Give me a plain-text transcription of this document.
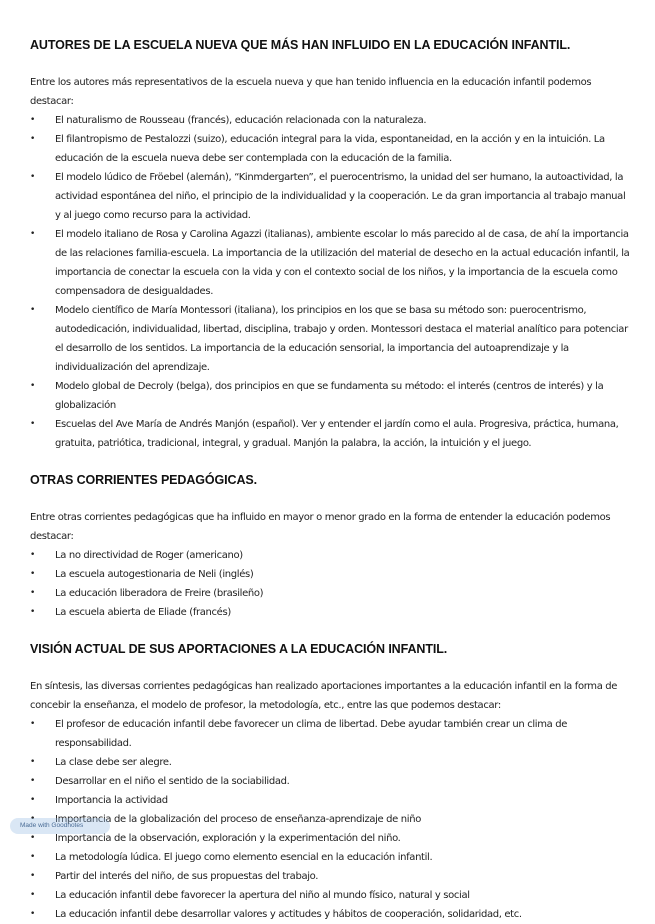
AUTORES DE LA ESCUELA NUEVA QUE MÁS HAN INFLUIDO EN LA EDUCACIÓN INFANTIL.

Entre los autores más representativos de la escuela nueva y que han tenido influencia en la educación infantil podemos destacar:

• El naturalismo de Rousseau (francés), educación relacionada con la naturaleza.
• El filantropismo de Pestalozzi (suizo), educación integral para la vida, espontaneidad, en la acción y en la intuición. La educación de la escuela nueva debe ser contemplada con la educación de la familia.
• El modelo lúdico de Fröebel (alemán), “Kinmdergarten”, el puerocentrismo, la unidad del ser humano, la autoactividad, la actividad espontánea del niño, el principio de la individualidad y la cooperación. Le da gran importancia al trabajo manual y al juego como recurso para la actividad.
• El modelo italiano de Rosa y Carolina Agazzi (italianas), ambiente escolar lo más parecido al de casa, de ahí la importancia de las relaciones familia-escuela. La importancia de la utilización del material de desecho en la actual educación infantil, la importancia de conectar la escuela con la vida y con el contexto social de los niños, y la importancia de la escuela como compensadora de desigualdades.
• Modelo científico de María Montessori (italiana), los principios en los que se basa su método son: puerocentrismo, autodedicación, individualidad, libertad, disciplina, trabajo y orden. Montessori destaca el material analítico para potenciar el desarrollo de los sentidos. La importancia de la educación sensorial, la importancia del autoaprendizaje y la individualización del aprendizaje.
• Modelo global de Decroly (belga), dos principios en que se fundamenta su método: el interés (centros de interés) y la globalización
• Escuelas del Ave María de Andrés Manjón (español). Ver y entender el jardín como el aula. Progresiva, práctica, humana, gratuita, patriótica, tradicional, integral, y gradual. Manjón la palabra, la acción, la intuición y el juego.
OTRAS CORRIENTES PEDAGÓGICAS.

Entre otras corrientes pedagógicas que ha influido en mayor o menor grado en la forma de entender la educación podemos destacar:

• La no directividad de Roger (americano)
• La escuela autogestionaria de Neli (inglés)
• La educación liberadora de Freire (brasileño)
• La escuela abierta de Eliade (francés)
VISIÓN ACTUAL DE SUS APORTACIONES A LA EDUCACIÓN INFANTIL.

En síntesis, las diversas corrientes pedagógicas han realizado aportaciones importantes a la educación infantil en la forma de concebir la enseñanza, el modelo de profesor, la metodología, etc., entre las que podemos destacar:

• El profesor de educación infantil debe favorecer un clima de libertad. Debe ayudar también crear un clima de responsabilidad.
• La clase debe ser alegre.
• Desarrollar en el niño el sentido de la sociabilidad.
• Importancia la actividad
• Importancia de la globalización del proceso de enseñanza-aprendizaje de niño
• Importancia de la observación, exploración y la experimentación del niño.
• La metodología lúdica. El juego como elemento esencial en la educación infantil.
• Partir del interés del niño, de sus propuestas del trabajo.
• La educación infantil debe favorecer la apertura del niño al mundo físico, natural y social
• La educación infantil debe desarrollar valores y actitudes y hábitos de cooperación, solidaridad, etc.
Made with Goodnotes
